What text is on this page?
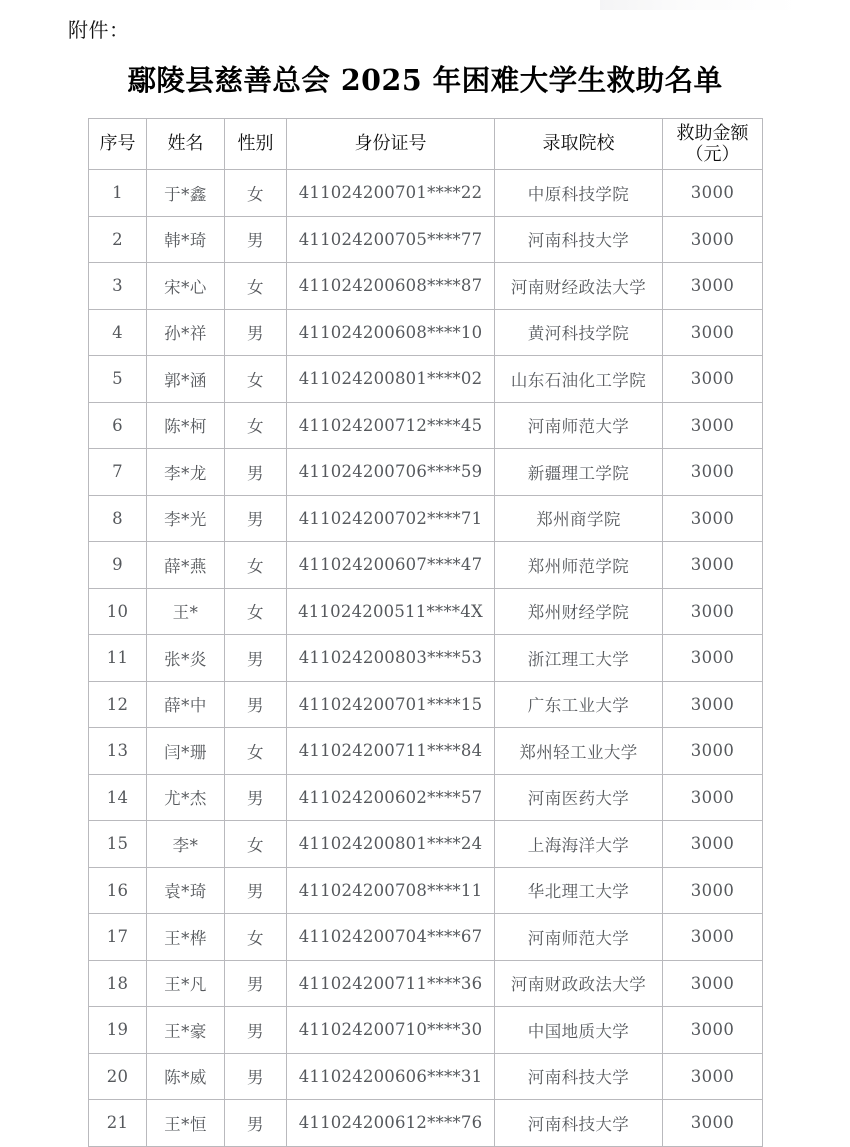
附件：
鄢陵县慈善总会 2025 年困难大学生救助名单
序号	姓名	性别	身份证号	录取院校	救助金额
（元）

1	于*鑫	女	411024200701****22	中原科技学院	3000
2	韩*琦	男	411024200705****77	河南科技大学	3000
3	宋*心	女	411024200608****87	河南财经政法大学	3000
4	孙*祥	男	411024200608****10	黄河科技学院	3000
5	郭*涵	女	411024200801****02	山东石油化工学院	3000
6	陈*柯	女	411024200712****45	河南师范大学	3000
7	李*龙	男	411024200706****59	新疆理工学院	3000
8	李*光	男	411024200702****71	郑州商学院	3000
9	薛*燕	女	411024200607****47	郑州师范学院	3000
10	王*	女	411024200511****4X	郑州财经学院	3000
11	张*炎	男	411024200803****53	浙江理工大学	3000
12	薛*中	男	411024200701****15	广东工业大学	3000
13	闫*珊	女	411024200711****84	郑州轻工业大学	3000
14	尤*杰	男	411024200602****57	河南医药大学	3000
15	李*	女	411024200801****24	上海海洋大学	3000
16	袁*琦	男	411024200708****11	华北理工大学	3000
17	王*桦	女	411024200704****67	河南师范大学	3000
18	王*凡	男	411024200711****36	河南财政政法大学	3000
19	王*豪	男	411024200710****30	中国地质大学	3000
20	陈*威	男	411024200606****31	河南科技大学	3000
21	王*恒	男	411024200612****76	河南科技大学	3000
